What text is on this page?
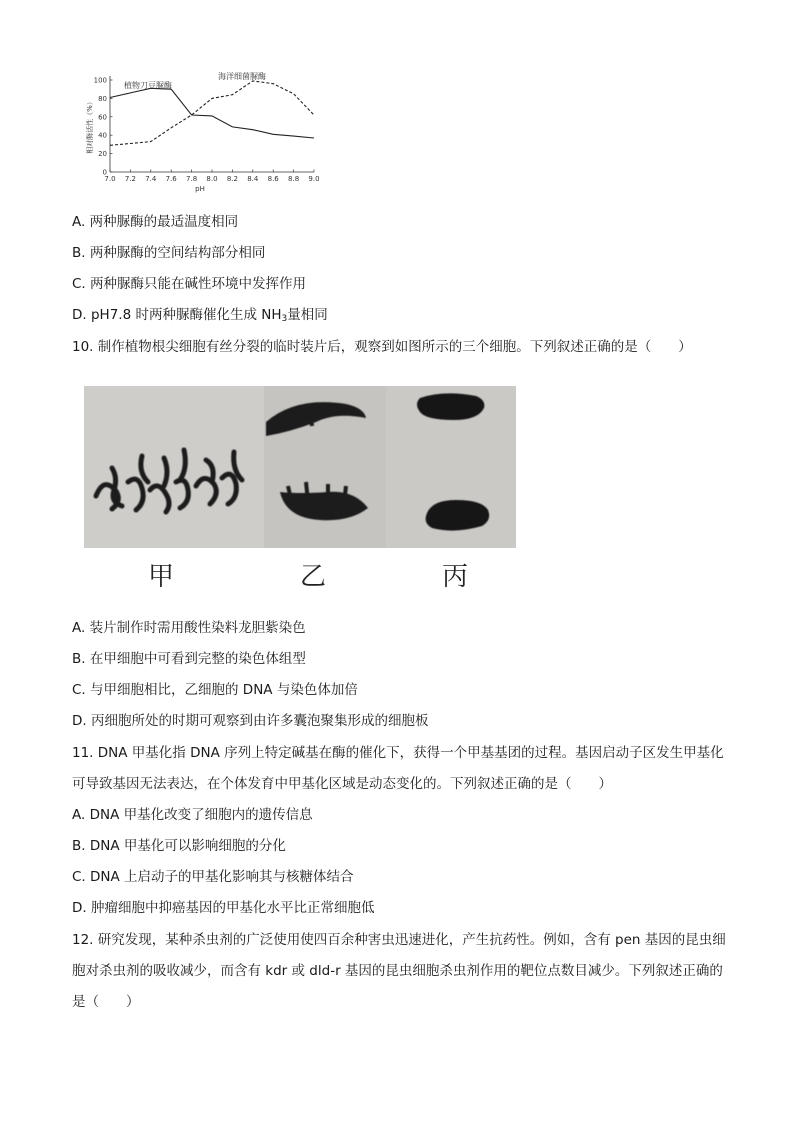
7.0 7.2 7.4 7.6 7.8 8.0 8.2 8.4 8.6 8.8 9.0
0
20
40
60
80
100
pH
相对酶活性（%）
植物刀豆脲酶
海洋细菌脲酶
A. 两种脲酶的最适温度相同
B. 两种脲酶的空间结构部分相同
C. 两种脲酶只能在碱性环境中发挥作用
D. pH7.8 时两种脲酶催化生成 $NH_3$量相同
10. 制作植物根尖细胞有丝分裂的临时装片后，观察到如图所示的三个细胞。下列叙述正确的是（　　）
甲	乙	丙
A. 装片制作时需用酸性染料龙胆紫染色
B. 在甲细胞中可看到完整的染色体组型
C. 与甲细胞相比，乙细胞的 DNA 与染色体加倍
D. 丙细胞所处的时期可观察到由许多囊泡聚集形成的细胞板
11. DNA 甲基化指 DNA 序列上特定碱基在酶的催化下，获得一个甲基基团的过程。基因启动子区发生甲基化可导致基因无法表达，在个体发育中甲基化区域是动态变化的。下列叙述正确的是（　　）
A. DNA 甲基化改变了细胞内的遗传信息
B. DNA 甲基化可以影响细胞的分化
C. DNA 上启动子的甲基化影响其与核糖体结合
D. 肿瘤细胞中抑癌基因的甲基化水平比正常细胞低
12. 研究发现，某种杀虫剂的广泛使用使四百余种害虫迅速进化，产生抗药性。例如，含有 pen 基因的昆虫细胞对杀虫剂的吸收减少，而含有 kdr 或 dld-r 基因的昆虫细胞杀虫剂作用的靶位点数目减少。下列叙述正确的是（　　）
